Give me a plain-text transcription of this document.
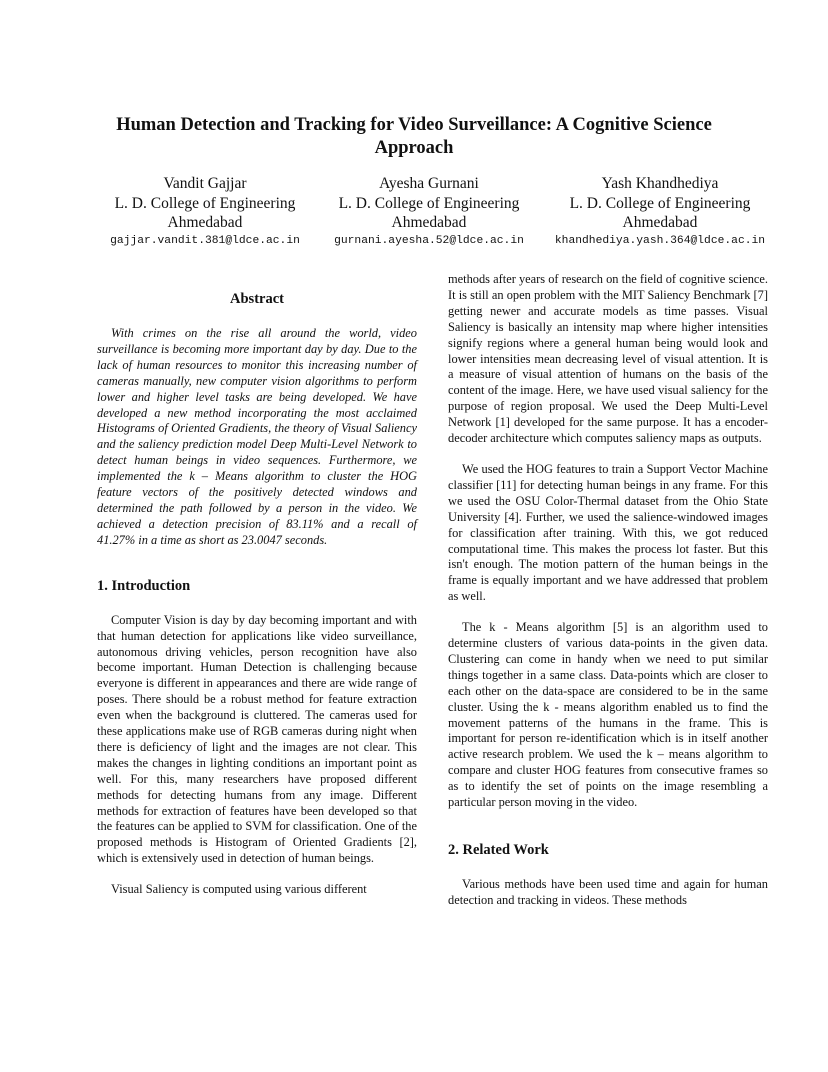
Human Detection and Tracking for Video Surveillance: A Cognitive Science Approach
Vandit Gajjar
L. D. College of Engineering
Ahmedabad
gajjar.vandit.381@ldce.ac.in
Ayesha Gurnani
L. D. College of Engineering
Ahmedabad
gurnani.ayesha.52@ldce.ac.in
Yash Khandhediya
L. D. College of Engineering
Ahmedabad
khandhediya.yash.364@ldce.ac.in

Abstract

With crimes on the rise all around the world, video surveillance is becoming more important day by day. Due to the lack of human resources to monitor this increasing number of cameras manually, new computer vision algorithms to perform lower and higher level tasks are being developed. We have developed a new method incorporating the most acclaimed Histograms of Oriented Gradients, the theory of Visual Saliency and the saliency prediction model Deep Multi-Level Network to detect human beings in video sequences. Furthermore, we implemented the k – Means algorithm to cluster the HOG feature vectors of the positively detected windows and determined the path followed by a person in the video. We achieved a detection precision of 83.11% and a recall of 41.27% in a time as short as 23.0047 seconds.

1. Introduction

Computer Vision is day by day becoming important and with that human detection for applications like video surveillance, autonomous driving vehicles, person recognition have also become important. Human Detection is challenging because everyone is different in appearances and there are wide range of poses. There should be a robust method for feature extraction even when the background is cluttered. The cameras used for these applications make use of RGB cameras during night when there is deficiency of light and the images are not clear. This makes the changes in lighting conditions an important point as well. For this, many researchers have proposed different methods for detecting humans from any image. Different methods for extraction of features have been developed so that the features can be applied to SVM for classification. One of the proposed methods is Histogram of Oriented Gradients [2], which is extensively used in detection of human beings.

Visual Saliency is computed using various different

methods after years of research on the field of cognitive science. It is still an open problem with the MIT Saliency Benchmark [7] getting newer and accurate models as time passes. Visual Saliency is basically an intensity map where higher intensities signify regions where a general human being would look and lower intensities mean decreasing level of visual attention. It is a measure of visual attention of humans on the basis of the content of the image. Here, we have used visual saliency for the purpose of region proposal. We used the Deep Multi-Level Network [1] developed for the same purpose. It has a encoder-decoder architecture which computes saliency maps as outputs.

We used the HOG features to train a Support Vector Machine classifier [11] for detecting human beings in any frame. For this we used the OSU Color-Thermal dataset from the Ohio State University [4]. Further, we used the salience-windowed images for classification after training. With this, we got reduced computational time. This makes the process lot faster. But this isn't enough. The motion pattern of the human beings in the frame is equally important and we have addressed that problem as well.

The k - Means algorithm [5] is an algorithm used to determine clusters of various data-points in the given data. Clustering can come in handy when we need to put similar things together in a same class. Data-points which are closer to each other on the data-space are considered to be in the same cluster. Using the k - means algorithm enabled us to find the movement patterns of the humans in the frame. This is important for person re-identification which is in itself another active research problem. We used the k – means algorithm to compare and cluster HOG features from consecutive frames so as to identify the set of points on the image resembling a particular person moving in the video.

2. Related Work

Various methods have been used time and again for human detection and tracking in videos. These methods
